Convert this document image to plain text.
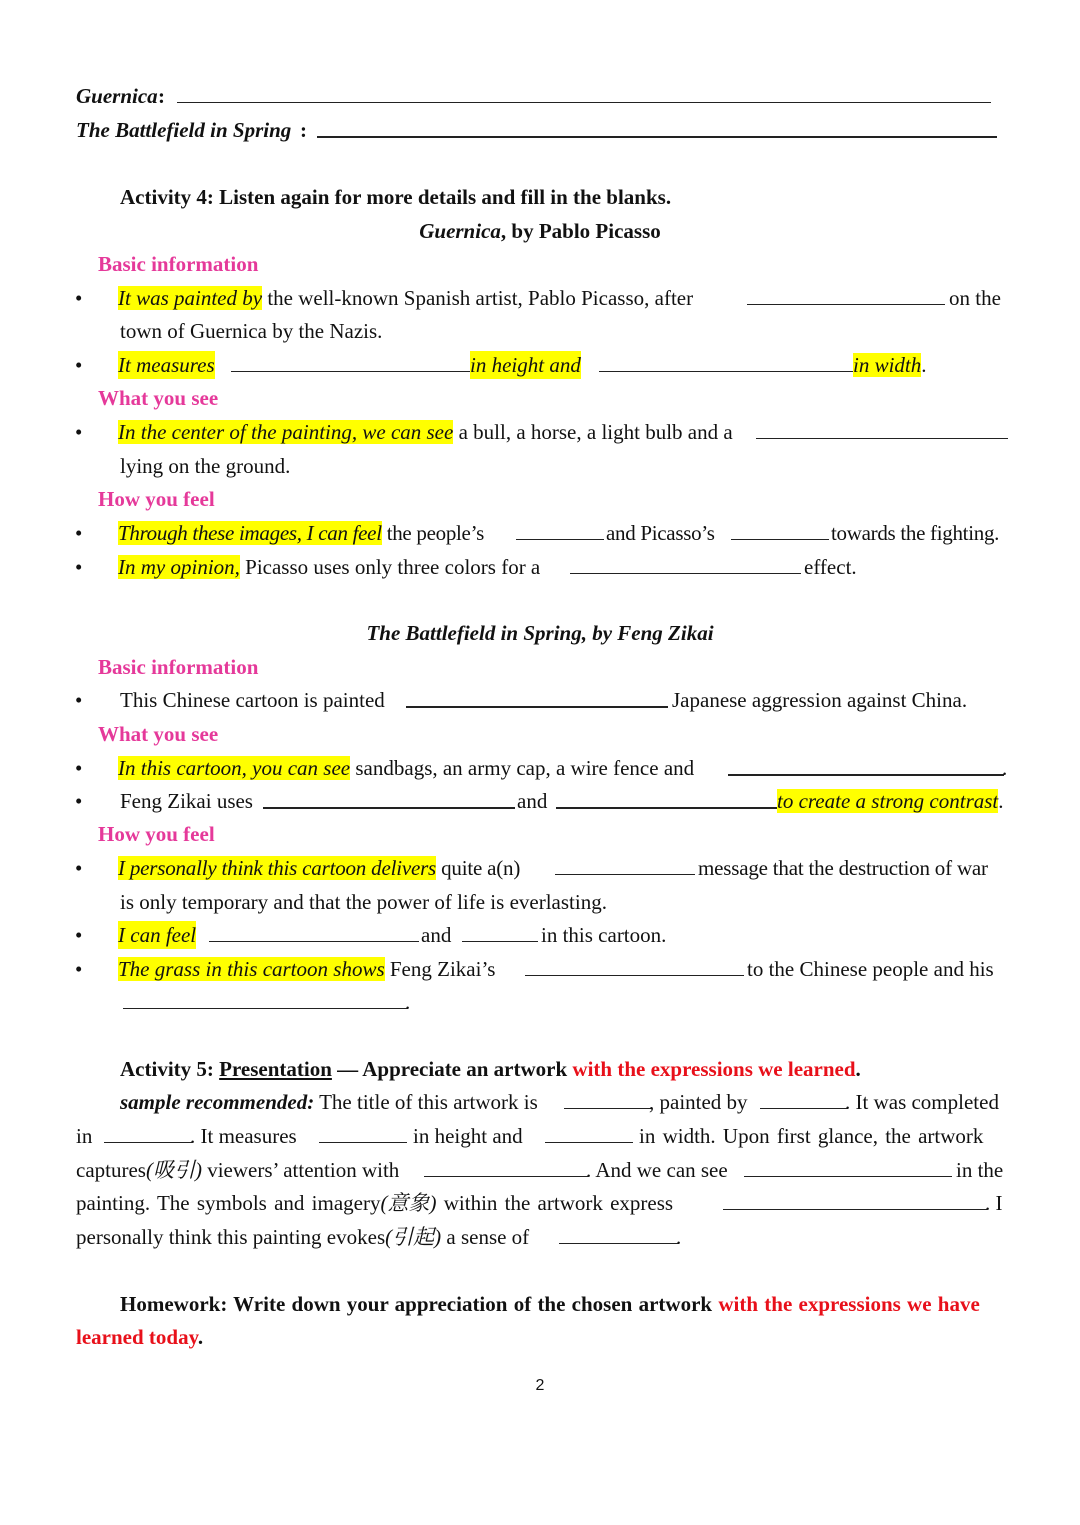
Guernica :
The Battlefield in Spring :
Activity 4: Listen again for more details and fill in the blanks.
Guernica, by Pablo Picasso
Basic information
• It was painted by the well-known Spanish artist, Pablo Picasso, after	on the
town of Guernica by the Nazis.
• It measures	in height and	in width.
What you see
• In the center of the painting, we can see a bull, a horse, a light bulb and a
lying on the ground.
How you feel
• Through these images, I can feel the people’s	and Picasso’s	towards the fighting.
• In my opinion, Picasso uses only three colors for a	effect.
The Battlefield in Spring, by Feng Zikai
Basic information
• This Chinese cartoon is painted	Japanese aggression against China.
What you see
• In this cartoon, you can see sandbags, an army cap, a wire fence and	.
• Feng Zikai uses	and	to create a strong contrast.
How you feel
• I personally think this cartoon delivers quite a(n)	message that the destruction of war
is only temporary and that the power of life is everlasting.
• I can feel	and	in this cartoon.
• The grass in this cartoon shows Feng Zikai’s	to the Chinese people and his
.
Activity 5: Presentation — Appreciate an artwork with the expressions we learned.
sample recommended: The title of this artwork is	, painted by	. It was completed
in	. It measures	in height and	in width. Upon first glance, the artwork
captures(吸引) viewers’ attention with	. And we can see	in the
painting. The symbols and imagery(意象) within the artwork express	. I
personally think this painting evokes(引起) a sense of	.
Homework: Write down your appreciation of the chosen artwork with the expressions we have
learned today.
2
